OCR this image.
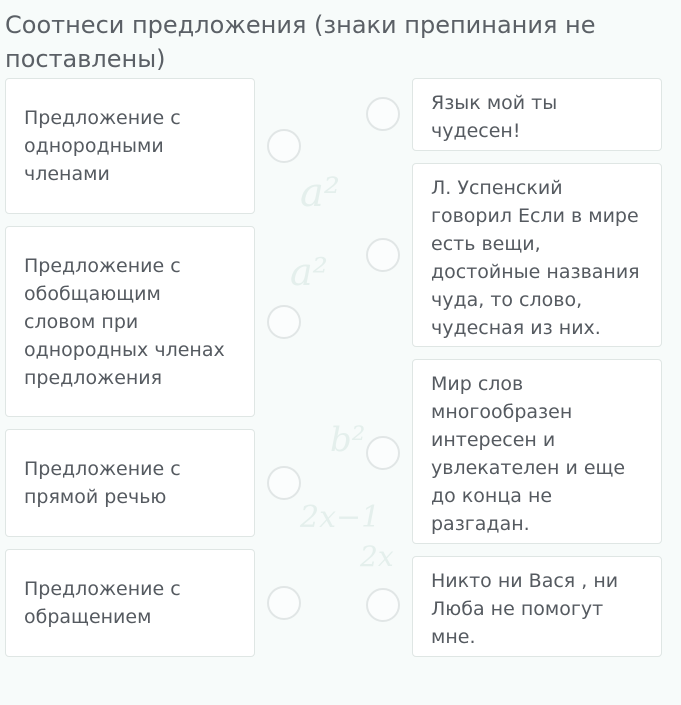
a²
a²
b²
2x−1
2x
Соотнеси предложения (знаки препинания не поставлены)
Предложение с
однородными
членами
Предложение с
обобщающим
словом при
однородных членах
предложения
Предложение с
прямой речью
Предложение с
обращением
Язык мой ты
чудесен!
Л. Успенский
говорил Если в мире
есть вещи,
достойные названия
чуда, то слово,
чудесная из них.
Мир слов
многообразен
интересен и
увлекателен и еще
до конца не
разгадан.
Никто ни Вася , ни
Люба не помогут
мне.
